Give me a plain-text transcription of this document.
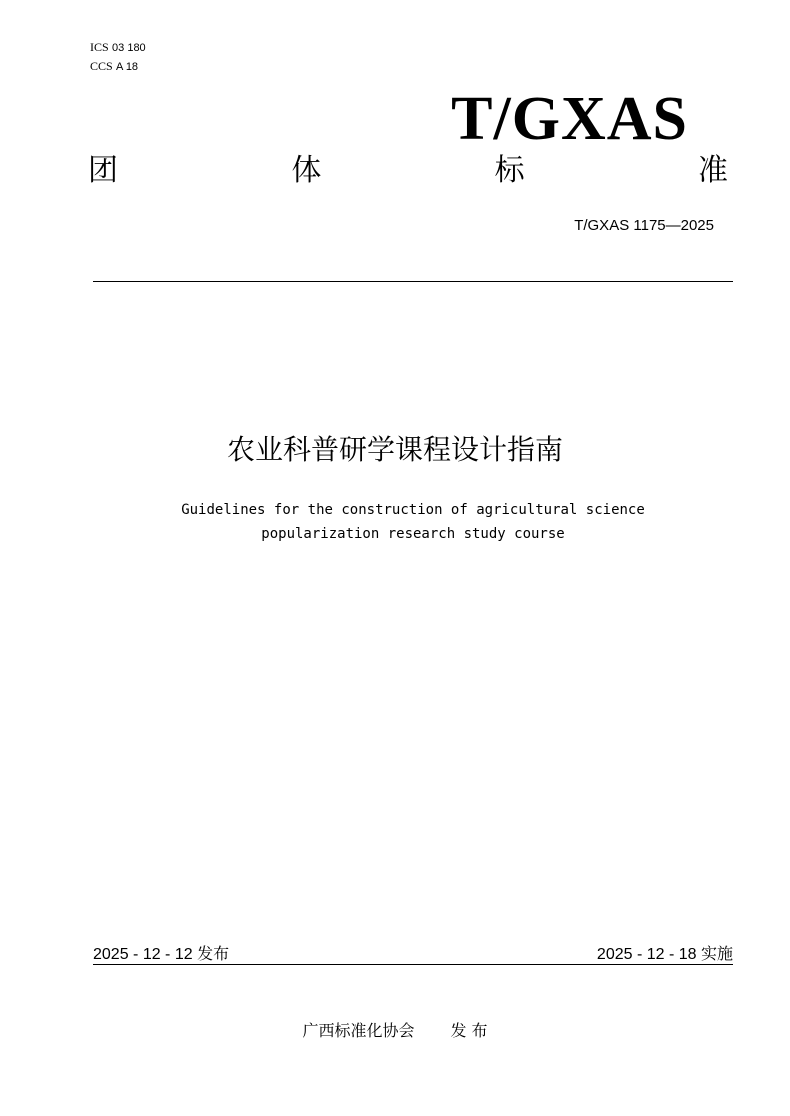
ICS 03 180
CCS A 18
T/GXAS
团	体	标	准
T/GXAS 1175—2025
农业科普研学课程设计指南
Guidelines for the construction of agricultural science
popularization research study course
2025 - 12 - 12 发布	2025 - 12 - 18 实施
广西标准化协会 发 布
